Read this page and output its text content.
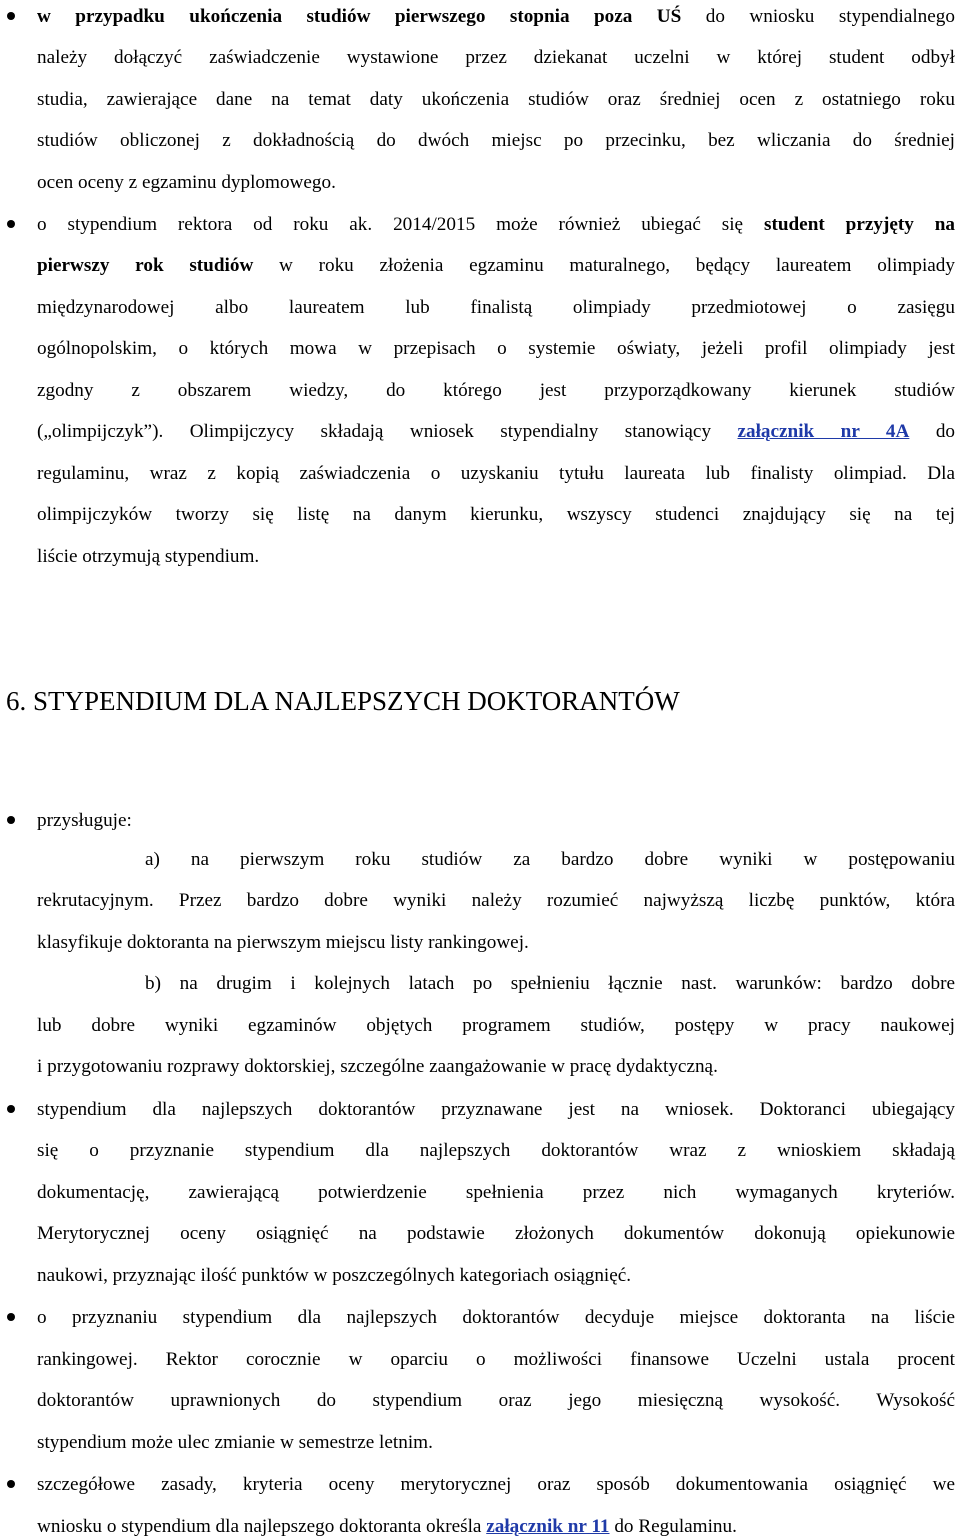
w przypadku ukończenia studiów pierwszego stopnia poza UŚ do wniosku stypendialnego
należy dołączyć zaświadczenie wystawione przez dziekanat uczelni w której student odbył
studia, zawierające dane na temat daty ukończenia studiów oraz średniej ocen z ostatniego roku
studiów obliczonej z dokładnością do dwóch miejsc po przecinku, bez wliczania do średniej
ocen oceny z egzaminu dyplomowego.
o stypendium rektora od roku ak. 2014/2015 może również ubiegać się student przyjęty na
pierwszy rok studiów w roku złożenia egzaminu maturalnego, będący laureatem olimpiady
międzynarodowej albo laureatem lub finalistą olimpiady przedmiotowej o zasięgu
ogólnopolskim, o których mowa w przepisach o systemie oświaty, jeżeli profil olimpiady jest
zgodny z obszarem wiedzy, do którego jest przyporządkowany kierunek studiów
(„olimpijczyk”). Olimpijczycy składają wniosek stypendialny stanowiący załącznik nr 4A do
regulaminu, wraz z kopią zaświadczenia o uzyskaniu tytułu laureata lub finalisty olimpiad. Dla
olimpijczyków tworzy się listę na danym kierunku, wszyscy studenci znajdujący się na tej
liście otrzymują stypendium.
6. STYPENDIUM DLA NAJLEPSZYCH DOKTORANTÓW
przysługuje:
a) na pierwszym roku studiów za bardzo dobre wyniki w postępowaniu
rekrutacyjnym. Przez bardzo dobre wyniki należy rozumieć najwyższą liczbę punktów, która
klasyfikuje doktoranta na pierwszym miejscu listy rankingowej.
b) na drugim i kolejnych latach po spełnieniu łącznie nast. warunków: bardzo dobre
lub dobre wyniki egzaminów objętych programem studiów, postępy w pracy naukowej
i przygotowaniu rozprawy doktorskiej, szczególne zaangażowanie w pracę dydaktyczną.
stypendium dla najlepszych doktorantów przyznawane jest na wniosek. Doktoranci ubiegający
się o przyznanie stypendium dla najlepszych doktorantów wraz z wnioskiem składają
dokumentację, zawierającą potwierdzenie spełnienia przez nich wymaganych kryteriów.
Merytorycznej oceny osiągnięć na podstawie złożonych dokumentów dokonują opiekunowie
naukowi, przyznając ilość punktów w poszczególnych kategoriach osiągnięć.
o przyznaniu stypendium dla najlepszych doktorantów decyduje miejsce doktoranta na liście
rankingowej. Rektor corocznie w oparciu o możliwości finansowe Uczelni ustala procent
doktorantów uprawnionych do stypendium oraz jego miesięczną wysokość. Wysokość
stypendium może ulec zmianie w semestrze letnim.
szczegółowe zasady, kryteria oceny merytorycznej oraz sposób dokumentowania osiągnięć we
wniosku o stypendium dla najlepszego doktoranta określa załącznik nr 11 do Regulaminu.
